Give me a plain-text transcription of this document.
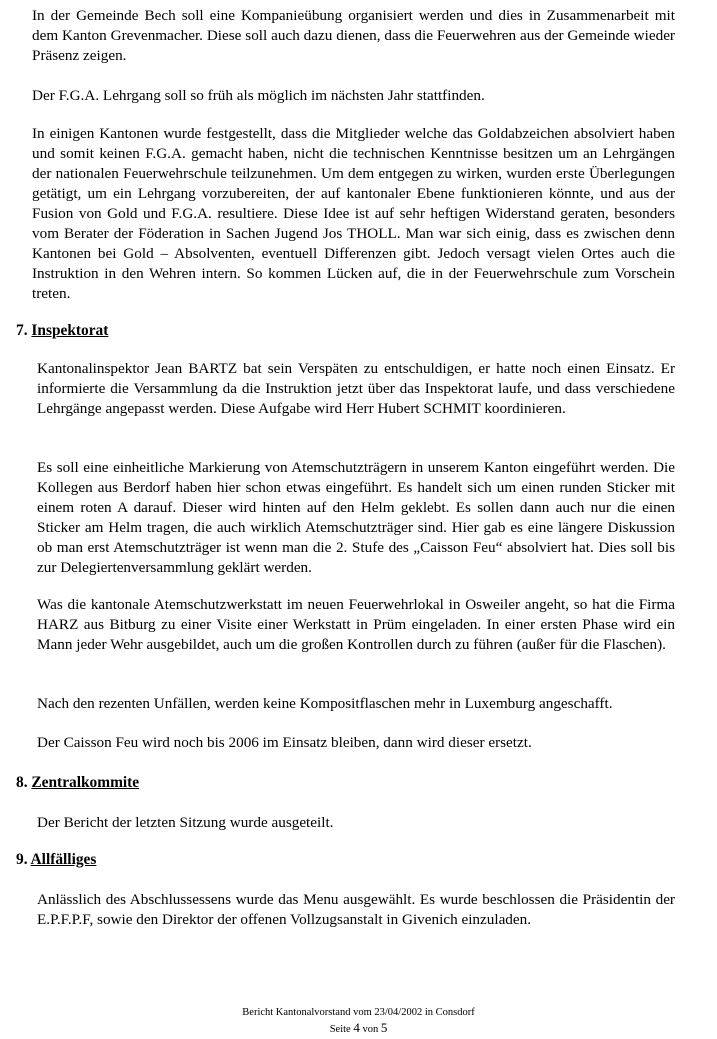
In der Gemeinde Bech soll eine Kompanieübung organisiert werden und dies in Zusammenarbeit mit dem Kanton Grevenmacher. Diese soll auch dazu dienen, dass die Feuerwehren aus der Gemeinde wieder Präsenz zeigen.

Der F.G.A. Lehrgang soll so früh als möglich im nächsten Jahr stattfinden.

In einigen Kantonen wurde festgestellt, dass die Mitglieder welche das Goldabzeichen absolviert haben und somit keinen F.G.A. gemacht haben, nicht die technischen Kenntnisse besitzen um an Lehrgängen der nationalen Feuerwehrschule teilzunehmen. Um dem entgegen zu wirken, wurden erste Überlegungen getätigt, um ein Lehrgang vorzubereiten, der auf kantonaler Ebene funktionieren könnte, und aus der Fusion von Gold und F.G.A. resultiere. Diese Idee ist auf sehr heftigen Widerstand geraten, besonders vom Berater der Föderation in Sachen Jugend Jos THOLL. Man war sich einig, dass es zwischen denn Kantonen bei Gold – Absolventen, eventuell Differenzen gibt. Jedoch versagt vielen Ortes auch die Instruktion in den Wehren intern. So kommen Lücken auf, die in der Feuerwehrschule zum Vorschein treten.

7. Inspektorat

Kantonalinspektor Jean BARTZ bat sein Verspäten zu entschuldigen, er hatte noch einen Einsatz. Er informierte die Versammlung da die Instruktion jetzt über das Inspektorat laufe, und dass verschiedene Lehrgänge angepasst werden. Diese Aufgabe wird Herr Hubert SCHMIT koordinieren.

Es soll eine einheitliche Markierung von Atemschutzträgern in unserem Kanton eingeführt werden. Die Kollegen aus Berdorf haben hier schon etwas eingeführt. Es handelt sich um einen runden Sticker mit einem roten A darauf. Dieser wird hinten auf den Helm geklebt. Es sollen dann auch nur die einen Sticker am Helm tragen, die auch wirklich Atemschutzträger sind. Hier gab es eine längere Diskussion ob man erst Atemschutzträger ist wenn man die 2. Stufe des „Caisson Feu“ absolviert hat. Dies soll bis zur Delegiertenversammlung geklärt werden.

Was die kantonale Atemschutzwerkstatt im neuen Feuerwehrlokal in Osweiler angeht, so hat die Firma HARZ aus Bitburg zu einer Visite einer Werkstatt in Prüm eingeladen. In einer ersten Phase wird ein Mann jeder Wehr ausgebildet, auch um die großen Kontrollen durch zu führen (außer für die Flaschen).

Nach den rezenten Unfällen, werden keine Kompositflaschen mehr in Luxemburg angeschafft.

Der Caisson Feu wird noch bis 2006 im Einsatz bleiben, dann wird dieser ersetzt.

8. Zentralkommite

Der Bericht der letzten Sitzung wurde ausgeteilt.

9. Allfälliges

Anlässlich des Abschlussessens wurde das Menu ausgewählt. Es wurde beschlossen die Präsidentin der E.P.F.P.F, sowie den Direktor der offenen Vollzugsanstalt in Givenich einzuladen.

Bericht Kantonalvorstand vom 23/04/2002 in Consdorf
Seite 4 von 5
